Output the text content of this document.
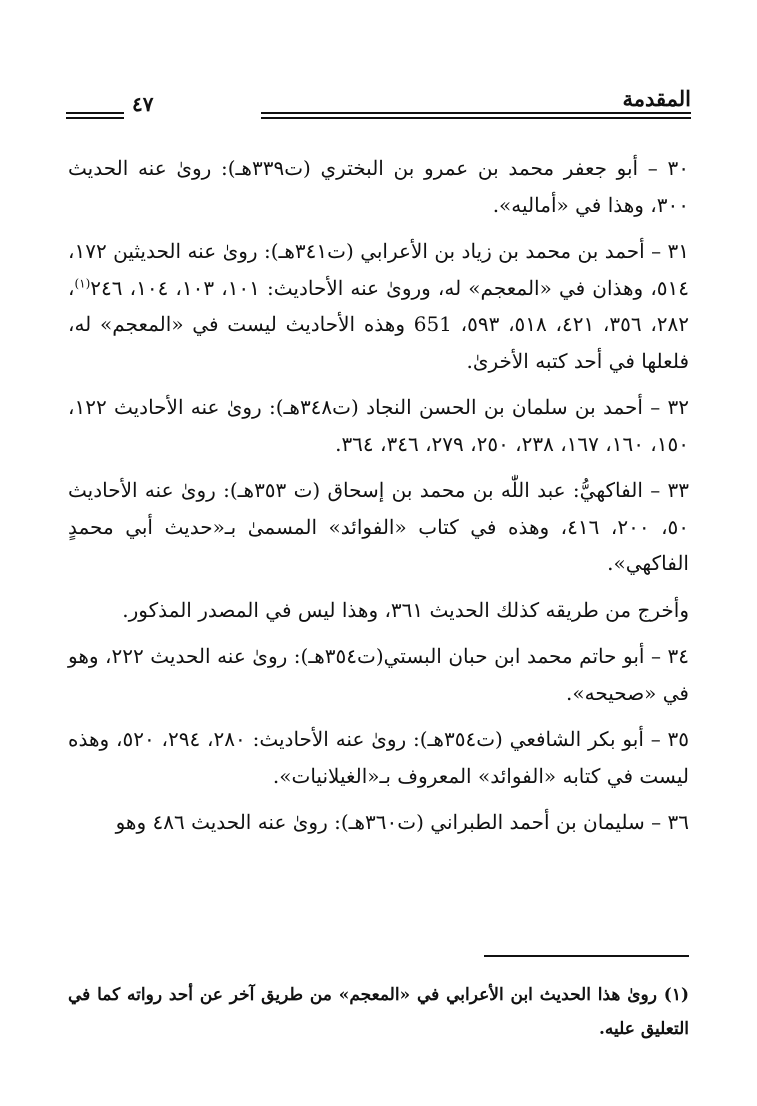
المقدمة
٤٧
٣٠ – أبو جعفر محمد بن عمرو بن البختري (ت٣٣٩هـ): روىٰ عنه الحديث ٣٠٠، وهذا في «أماليه».
٣١ – أحمد بن محمد بن زياد بن الأعرابي (ت٣٤١هـ): روىٰ عنه الحديثين ١٧٢، ٥١٤، وهذان في «المعجم» له، وروىٰ عنه الأحاديث: ١٠١، ١٠٣، ١٠٤، ٢٤٦$^{(١)}$، ٢٨٢، ٣٥٦، ٤٢١، ٥١٨، ٥٩٣، 651 وهذه الأحاديث ليست في «المعجم» له، فلعلها في أحد كتبه الأخرىٰ.
٣٢ – أحمد بن سلمان بن الحسن النجاد (ت٣٤٨هـ): روىٰ عنه الأحاديث ١٢٢، ١٥٠، ١٦٠، ١٦٧، ٢٣٨، ٢٥٠، ٢٧٩، ٣٤٦، ٣٦٤.
٣٣ – الفاكهيُّ: عبد اللّٰه بن محمد بن إسحاق (ت ٣٥٣هـ): روىٰ عنه الأحاديث ٥٠، ٢٠٠، ٤١٦، وهذه في كتاب «الفوائد» المسمىٰ بـ«حديث أبي محمدٍ الفاكهي».
وأخرج من طريقه كذلك الحديث ٣٦١، وهذا ليس في المصدر المذكور.
٣٤ – أبو حاتم محمد ابن حبان البستي(ت٣٥٤هـ): روىٰ عنه الحديث ٢٢٢، وهو في «صحيحه».
٣٥ – أبو بكر الشافعي (ت٣٥٤هـ): روىٰ عنه الأحاديث: ٢٨٠، ٢٩٤، ٥٢٠، وهذه ليست في كتابه «الفوائد» المعروف بـ«الغيلانيات».
٣٦ – سليمان بن أحمد الطبراني (ت٣٦٠هـ): روىٰ عنه الحديث ٤٨٦ وهو
(١) روىٰ هذا الحديث ابن الأعرابي في «المعجم» من طريق آخر عن أحد رواته كما في التعليق عليه.
